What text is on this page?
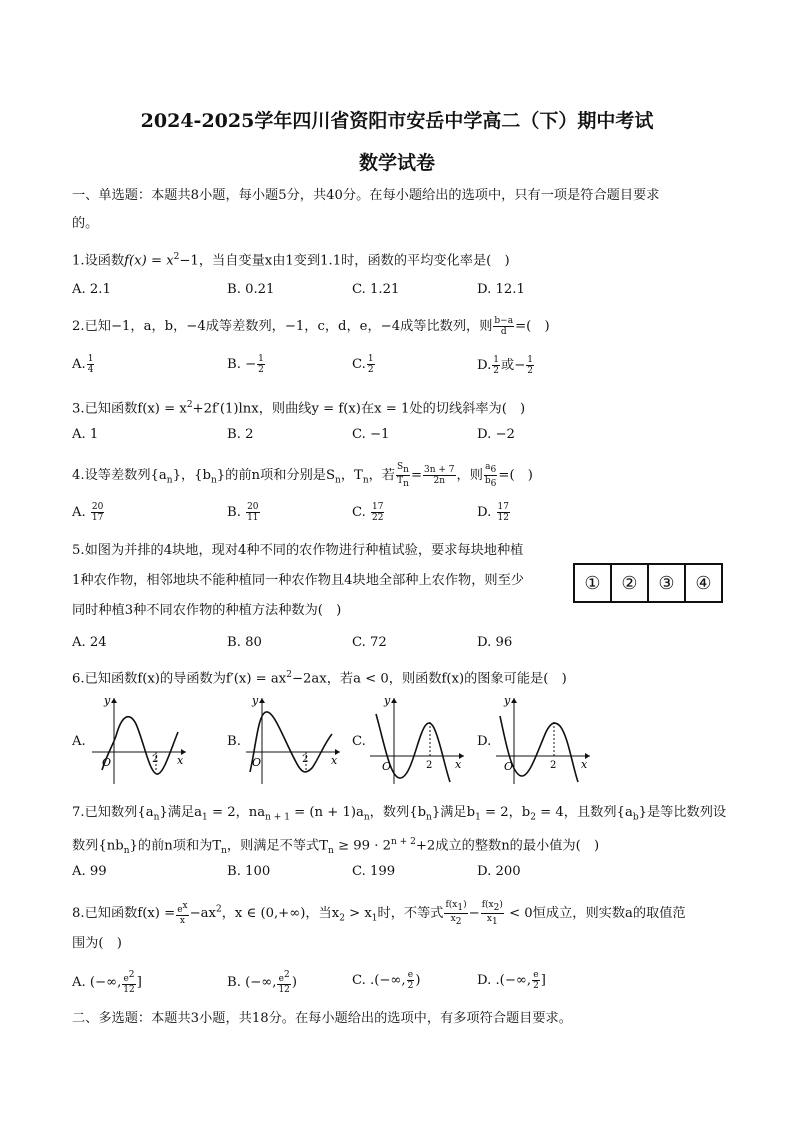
2024-2025学年四川省资阳市安岳中学高二（下）期中考试
数学试卷
一、单选题：本题共8小题，每小题5分，共40分。在每小题给出的选项中，只有一项是符合题目要求
的。
1.设函数$f(x) = x^2-1$，当自变量x由1变到1.1时，函数的平均变化率是(　)
A. 2.1	B. 0.21	C. 1.21	D. 12.1
2.已知−1，a，b，−4成等差数列，−1，c，d，e，−4成等比数列，则 $\frac{b-a}{d}$ =(　)
A. $\frac{1}{4}$	B. − $\frac{1}{2}$	C. $\frac{1}{2}$	D. $\frac{1}{2}$ 或− $\frac{1}{2}$
3.已知函数$f(x) = x^2+2f'(1)\ln x$，则曲线y = f(x)在x = 1处的切线斜率为(　)
A. 1	B. 2	C. −1	D. −2
4.设等差数列$\{a_n\}$，$\{b_n\}$的前n项和分别是$S_n$，$T_n$，若 $\frac{S_n}{T_n} = \frac{3n + 7}{2n}$ ，则 $\frac{a_6}{b_6}$ =(　)
A. $\frac{20}{17}$	B. $\frac{20}{11}$	C. $\frac{17}{22}$	D. $\frac{17}{12}$
5.如图为并排的4块地，现对4种不同的农作物进行种植试验，要求每块地种植
1种农作物，相邻地块不能种植同一种农作物且4块地全部种上农作物，则至少
同时种植3种不同农作物的种植方法种数为(　)
①	②	③	④
A. 24	B. 80	C. 72	D. 96
6.已知函数f(x)的导函数为$f'(x) = ax^2-2ax$，若a < 0，则函数f(x)的图象可能是(　)
A.
O	2
y
x
B.
O	2
y
x
C.
O	2
y
x
D.
O	2
y
x
7.已知数列$\{a_n\}$满足$a_1 = 2$，$na_{n + 1} = (n + 1)a_n$，数列$\{b_n\}$满足$b_1 = 2$，$b_2 = 4$，且数列$\{a_b\}$是等比数列设
数列$\{nb_n\}$的前n项和为$T_n$，则满足不等式$T_n \ge 99 \cdot 2^{n + 2}+2$成立的整数n的最小值为(　)
A. 99	B. 100	C. 199	D. 200
8.已知函数$f(x) = \frac{e^x}{x} -ax^2$，x ∈ (0,+∞)，当$x_2 > x_1$时，不等式 $\frac{f(x_1)}{x_2} - \frac{f(x_2)}{x_1} < 0$恒成立，则实数a的取值范
围为(　)
A. (−∞, $\frac{e^2}{12}$ ]	B. (−∞, $\frac{e^2}{12}$ )	C. .(−∞, $\frac{e}{2}$ )	D. .(−∞, $\frac{e}{2}$ ]
二、多选题：本题共3小题，共18分。在每小题给出的选项中，有多项符合题目要求。
